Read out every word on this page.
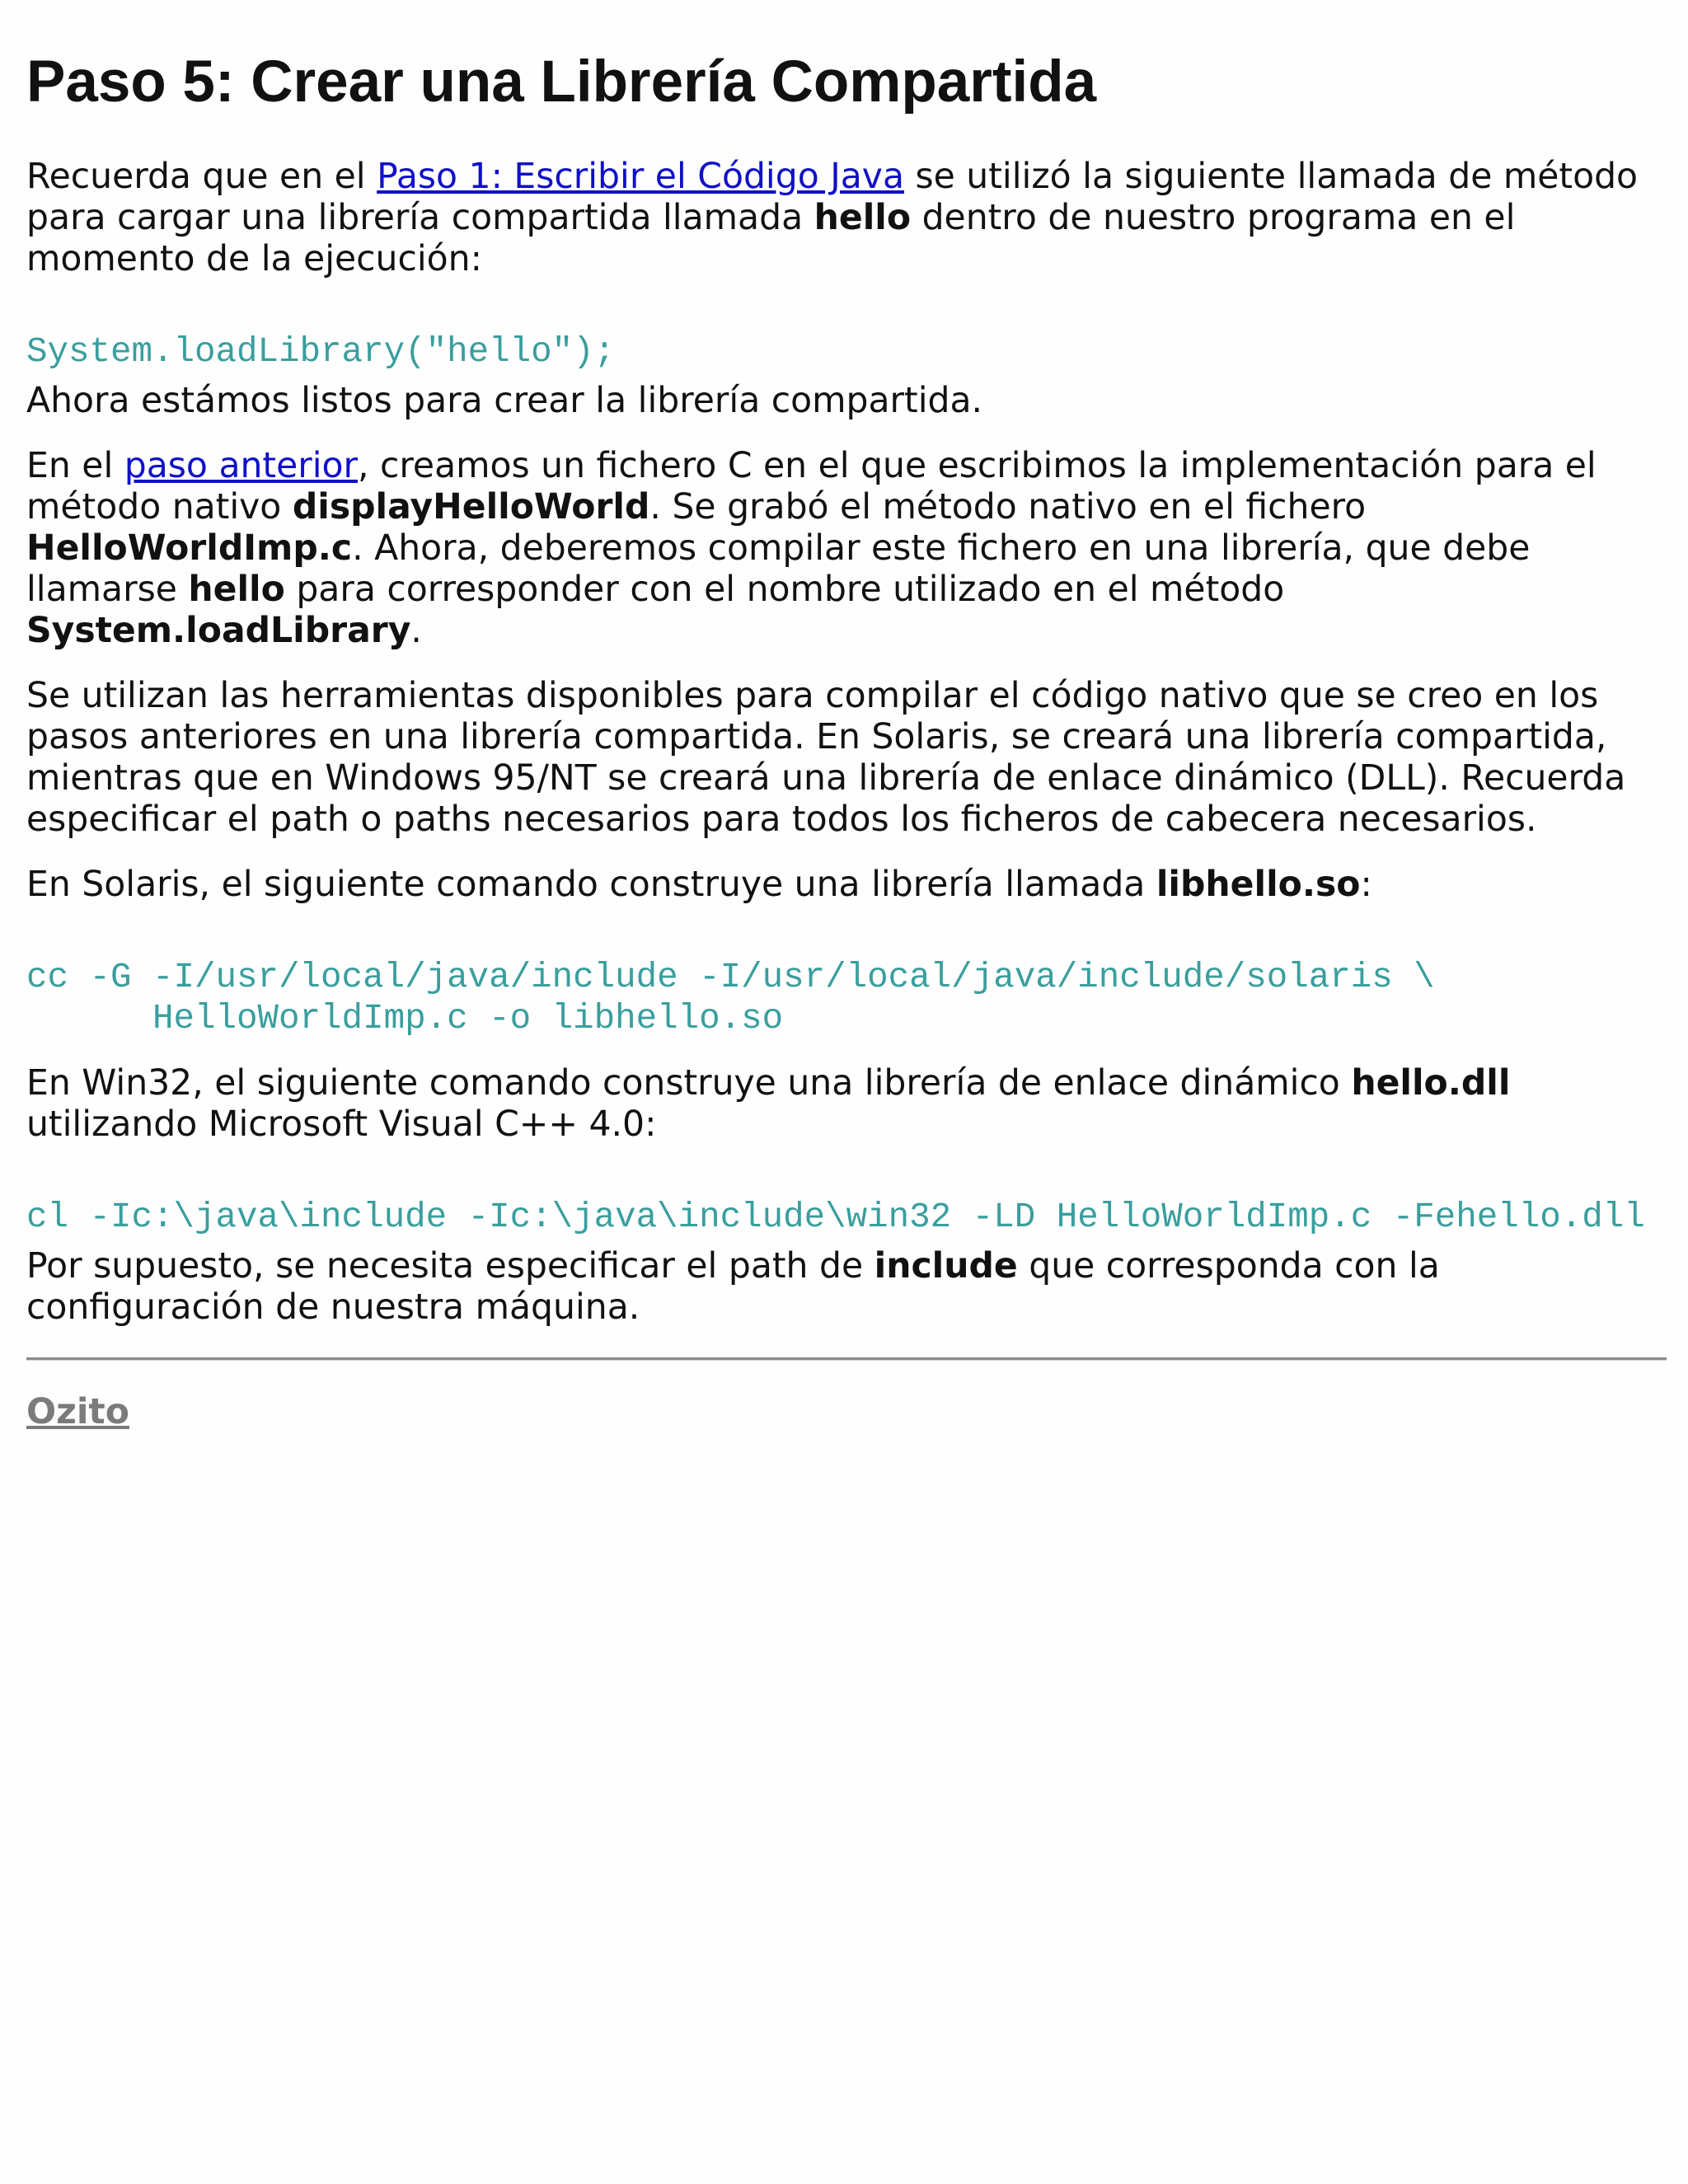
Paso 5: Crear una Librería Compartida

Recuerda que en el Paso 1: Escribir el Código Java se utilizó la siguiente llamada de método para cargar una librería compartida llamada hello dentro de nuestro programa en el momento de la ejecución:

System.loadLibrary("hello");

Ahora estámos listos para crear la librería compartida.

En el paso anterior, creamos un fichero C en el que escribimos la implementación para el método nativo displayHelloWorld. Se grabó el método nativo en el fichero HelloWorldImp.c. Ahora, deberemos compilar este fichero en una librería, que debe llamarse hello para corresponder con el nombre utilizado en el método System.loadLibrary.

Se utilizan las herramientas disponibles para compilar el código nativo que se creo en los pasos anteriores en una librería compartida. En Solaris, se creará una librería compartida, mientras que en Windows 95/NT se creará una librería de enlace dinámico (DLL). Recuerda especificar el path o paths necesarios para todos los ficheros de cabecera necesarios.

En Solaris, el siguiente comando construye una librería llamada libhello.so:

cc -G -I/usr/local/java/include -I/usr/local/java/include/solaris \
HelloWorldImp.c -o libhello.so

En Win32, el siguiente comando construye una librería de enlace dinámico hello.dll utilizando Microsoft Visual C++ 4.0:

cl -Ic:\java\include -Ic:\java\include\win32 -LD HelloWorldImp.c -Fehello.dll

Por supuesto, se necesita especificar el path de include que corresponda con la configuración de nuestra máquina.

Ozito
